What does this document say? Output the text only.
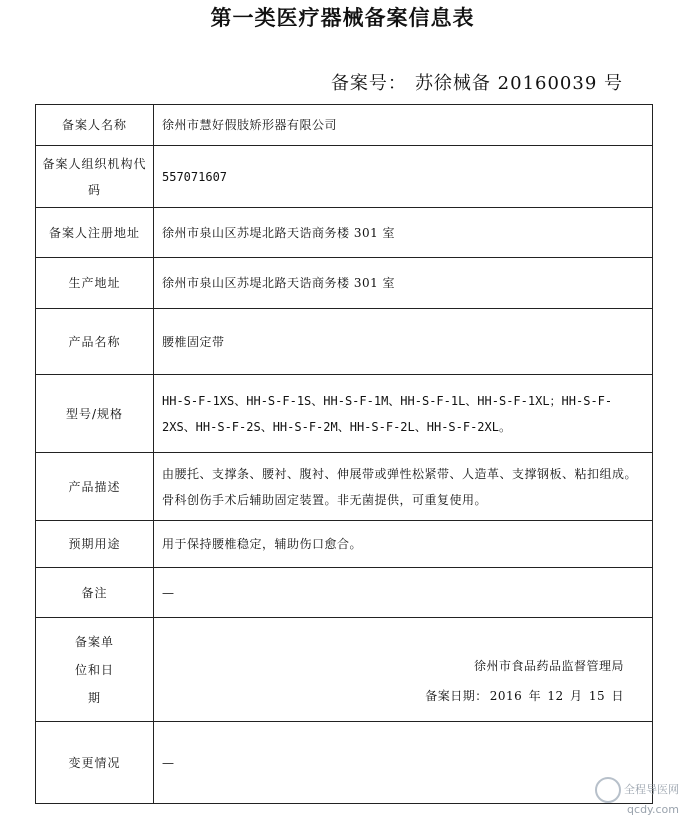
第一类医疗器械备案信息表
备案号： 苏徐械备 20160039 号
备案人名称	徐州市慧好假肢矫形器有限公司
备案人组织机构代码	557071607
备案人注册地址	徐州市泉山区苏堤北路天诰商务楼 301 室
生产地址	徐州市泉山区苏堤北路天诰商务楼 301 室
产品名称	腰椎固定带
型号/规格	HH-S-F-1XS、HH-S-F-1S、HH-S-F-1M、HH-S-F-1L、HH-S-F-1XL；HH-S-F-2XS、HH-S-F-2S、HH-S-F-2M、HH-S-F-2L、HH-S-F-2XL。
产品描述	由腰托、支撑条、腰衬、腹衬、伸展带或弹性松紧带、人造革、支撑钢板、粘扣组成。骨科创伤手术后辅助固定装置。非无菌提供，可重复使用。
预期用途	用于保持腰椎稳定，辅助伤口愈合。
备注	—
备案单位和日期	徐州市食品药品监督管理局
备案日期： 2016 年 12 月 15 日

变更情况	—
全程导医网
qcdy.com
